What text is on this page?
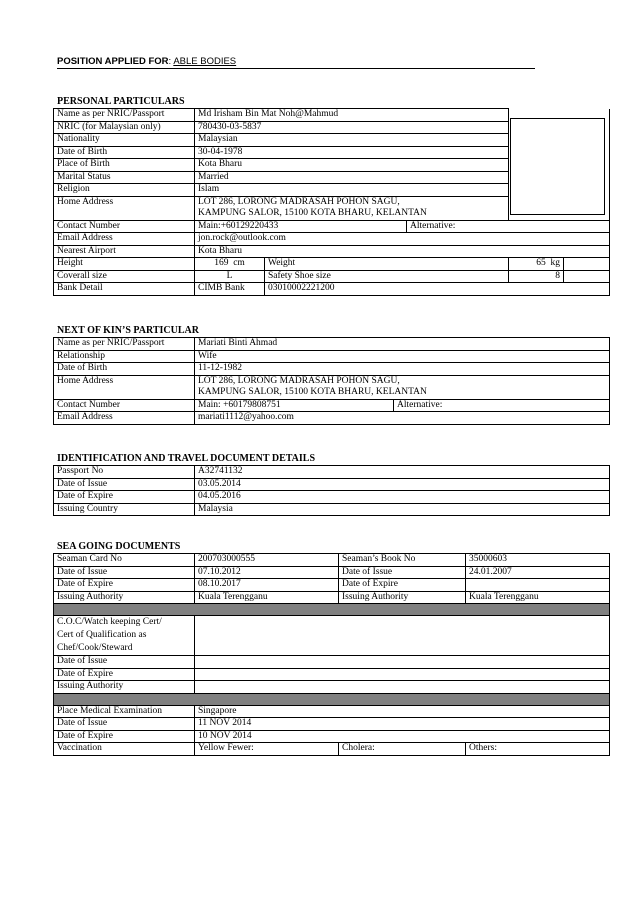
POSITION APPLIED FOR: ABLE BODIES
PERSONAL PARTICULARS
Name as per NRIC/Passport	Md Irisham Bin Mat Noh@Mahmud				
NRIC (for Malaysian only)	780430-03-5837				
Nationality	Malaysian				
Date of Birth	30-04-1978				
Place of Birth	Kota Bharu				
Marital Status	Married				
Religion	Islam				
Home Address	LOT 286, LORONG MADRASAH POHON SAGU,				
	KAMPUNG SALOR, 15100 KOTA BHARU, KELANTAN				
Contact Number	Main:+60129220433		Alternative:		
Email Address	jon.rock@outlook.com				
Nearest Airport	Kota Bharu				
Height	169 cm	Weight		65 kg	
Coverall size	L	Safety Shoe size		8	
Bank Detail	CIMB Bank	03010002221200			
NEXT OF KIN’S PARTICULAR
Name as per NRIC/Passport	Mariati Binti Ahmad	
Relationship	Wife	
Date of Birth	11-12-1982	
Home Address	LOT 286, LORONG MADRASAH POHON SAGU,	
	KAMPUNG SALOR, 15100 KOTA BHARU, KELANTAN	
Contact Number	Main: +60179808751	Alternative:
Email Address	mariati1112@yahoo.com	
IDENTIFICATION AND TRAVEL DOCUMENT DETAILS
Passport No	A32741132
Date of Issue	03.05.2014
Date of Expire	04.05.2016
Issuing Country	Malaysia
SEA GOING DOCUMENTS
Seaman Card No	200703000555	Seaman’s Book No	35000603
Date of Issue	07.10.2012	Date of Issue	24.01.2007
Date of Expire	08.10.2017	Date of Expire	
Issuing Authority	Kuala Terengganu	Issuing Authority	Kuala Terengganu

C.O.C/Watch keeping Cert/
Cert of Qualification as
Chef/Cook/Steward			
Date of Issue			
Date of Expire			
Issuing Authority			

Place Medical Examination	Singapore		
Date of Issue	11 NOV 2014		
Date of Expire	10 NOV 2014		
Vaccination	Yellow Fewer:	Cholera:	Others:
